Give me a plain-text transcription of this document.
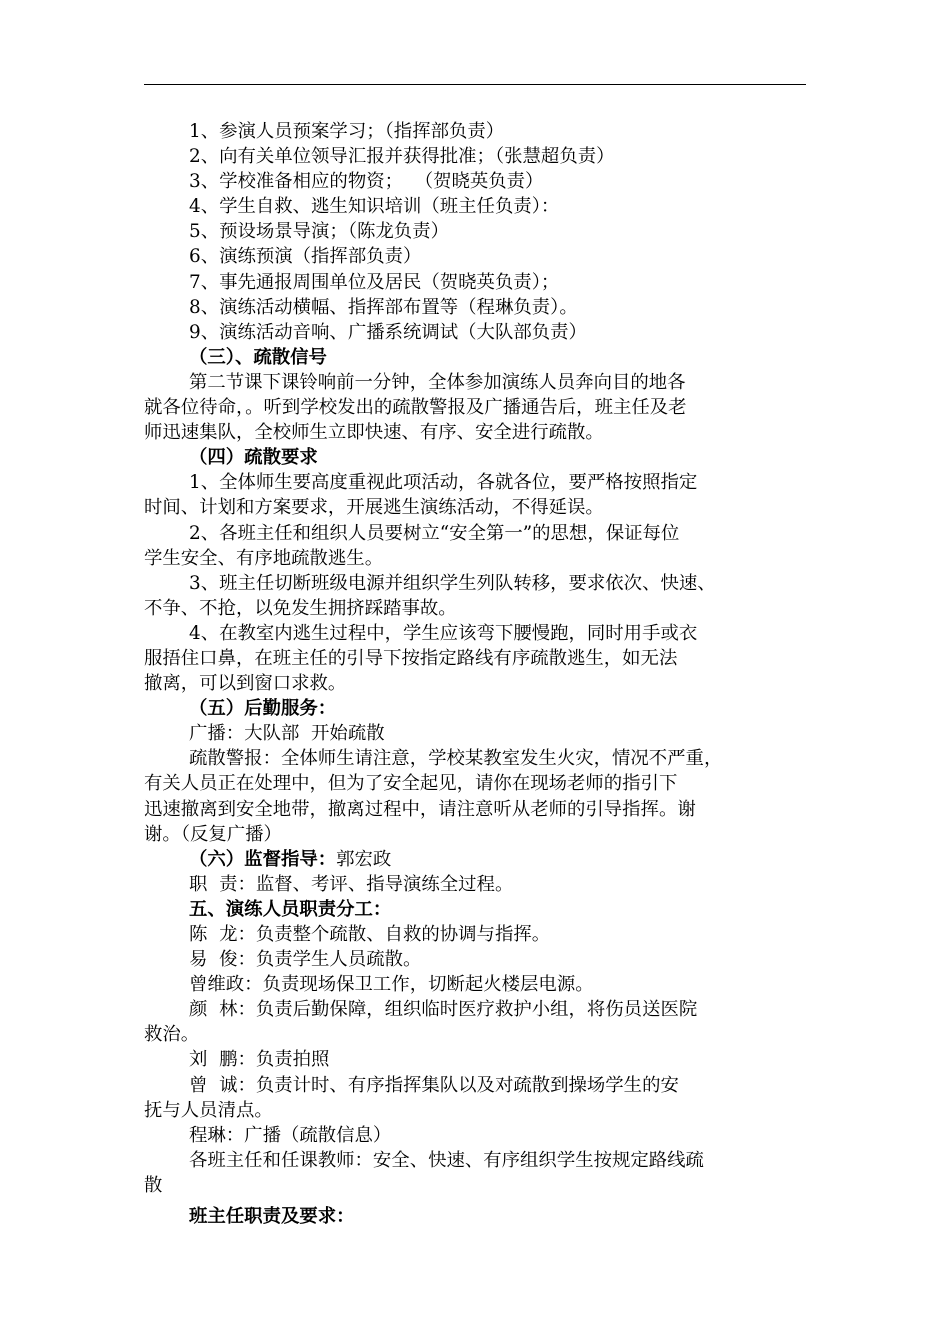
1、参演人员预案学习；（指挥部负责）
2、向有关单位领导汇报并获得批准；（张慧超负责）
3、学校准备相应的物资；  （贺晓英负责）
4、学生自救、逃生知识培训（班主任负责）：
5、预设场景导演；（陈龙负责）
6、演练预演（指挥部负责）
7、事先通报周围单位及居民（贺晓英负责）；
8、演练活动横幅、指挥部布置等（程琳负责）。
9、演练活动音响、广播系统调试（大队部负责）
（三）、疏散信号
第二节课下课铃响前一分钟，全体参加演练人员奔向目的地各
就各位待命，。听到学校发出的疏散警报及广播通告后，班主任及老
师迅速集队，全校师生立即快速、有序、安全进行疏散。
（四）疏散要求
1、全体师生要高度重视此项活动，各就各位，要严格按照指定
时间、计划和方案要求，开展逃生演练活动，不得延误。
2、各班主任和组织人员要树立“安全第一”的思想，保证每位
学生安全、有序地疏散逃生。
3、班主任切断班级电源并组织学生列队转移，要求依次、快速、
不争、不抢，以免发生拥挤踩踏事故。
4、在教室内逃生过程中，学生应该弯下腰慢跑，同时用手或衣
服捂住口鼻，在班主任的引导下按指定路线有序疏散逃生，如无法
撤离，可以到窗口求救。
（五）后勤服务：
广播：大队部  开始疏散
疏散警报：全体师生请注意，学校某教室发生火灾，情况不严重，
有关人员正在处理中，但为了安全起见，请你在现场老师的指引下
迅速撤离到安全地带，撤离过程中，请注意听从老师的引导指挥。谢
谢。（反复广播）
（六）监督指导：郭宏政
职  责：监督、考评、指导演练全过程。
五、演练人员职责分工：
陈  龙：负责整个疏散、自救的协调与指挥。
易  俊：负责学生人员疏散。
曾维政：负责现场保卫工作，切断起火楼层电源。
颜  林：负责后勤保障，组织临时医疗救护小组，将伤员送医院
救治。
刘  鹏：负责拍照
曾  诚：负责计时、有序指挥集队以及对疏散到操场学生的安
抚与人员清点。
程琳：广播（疏散信息）
各班主任和任课教师：安全、快速、有序组织学生按规定路线疏
散
班主任职责及要求：
